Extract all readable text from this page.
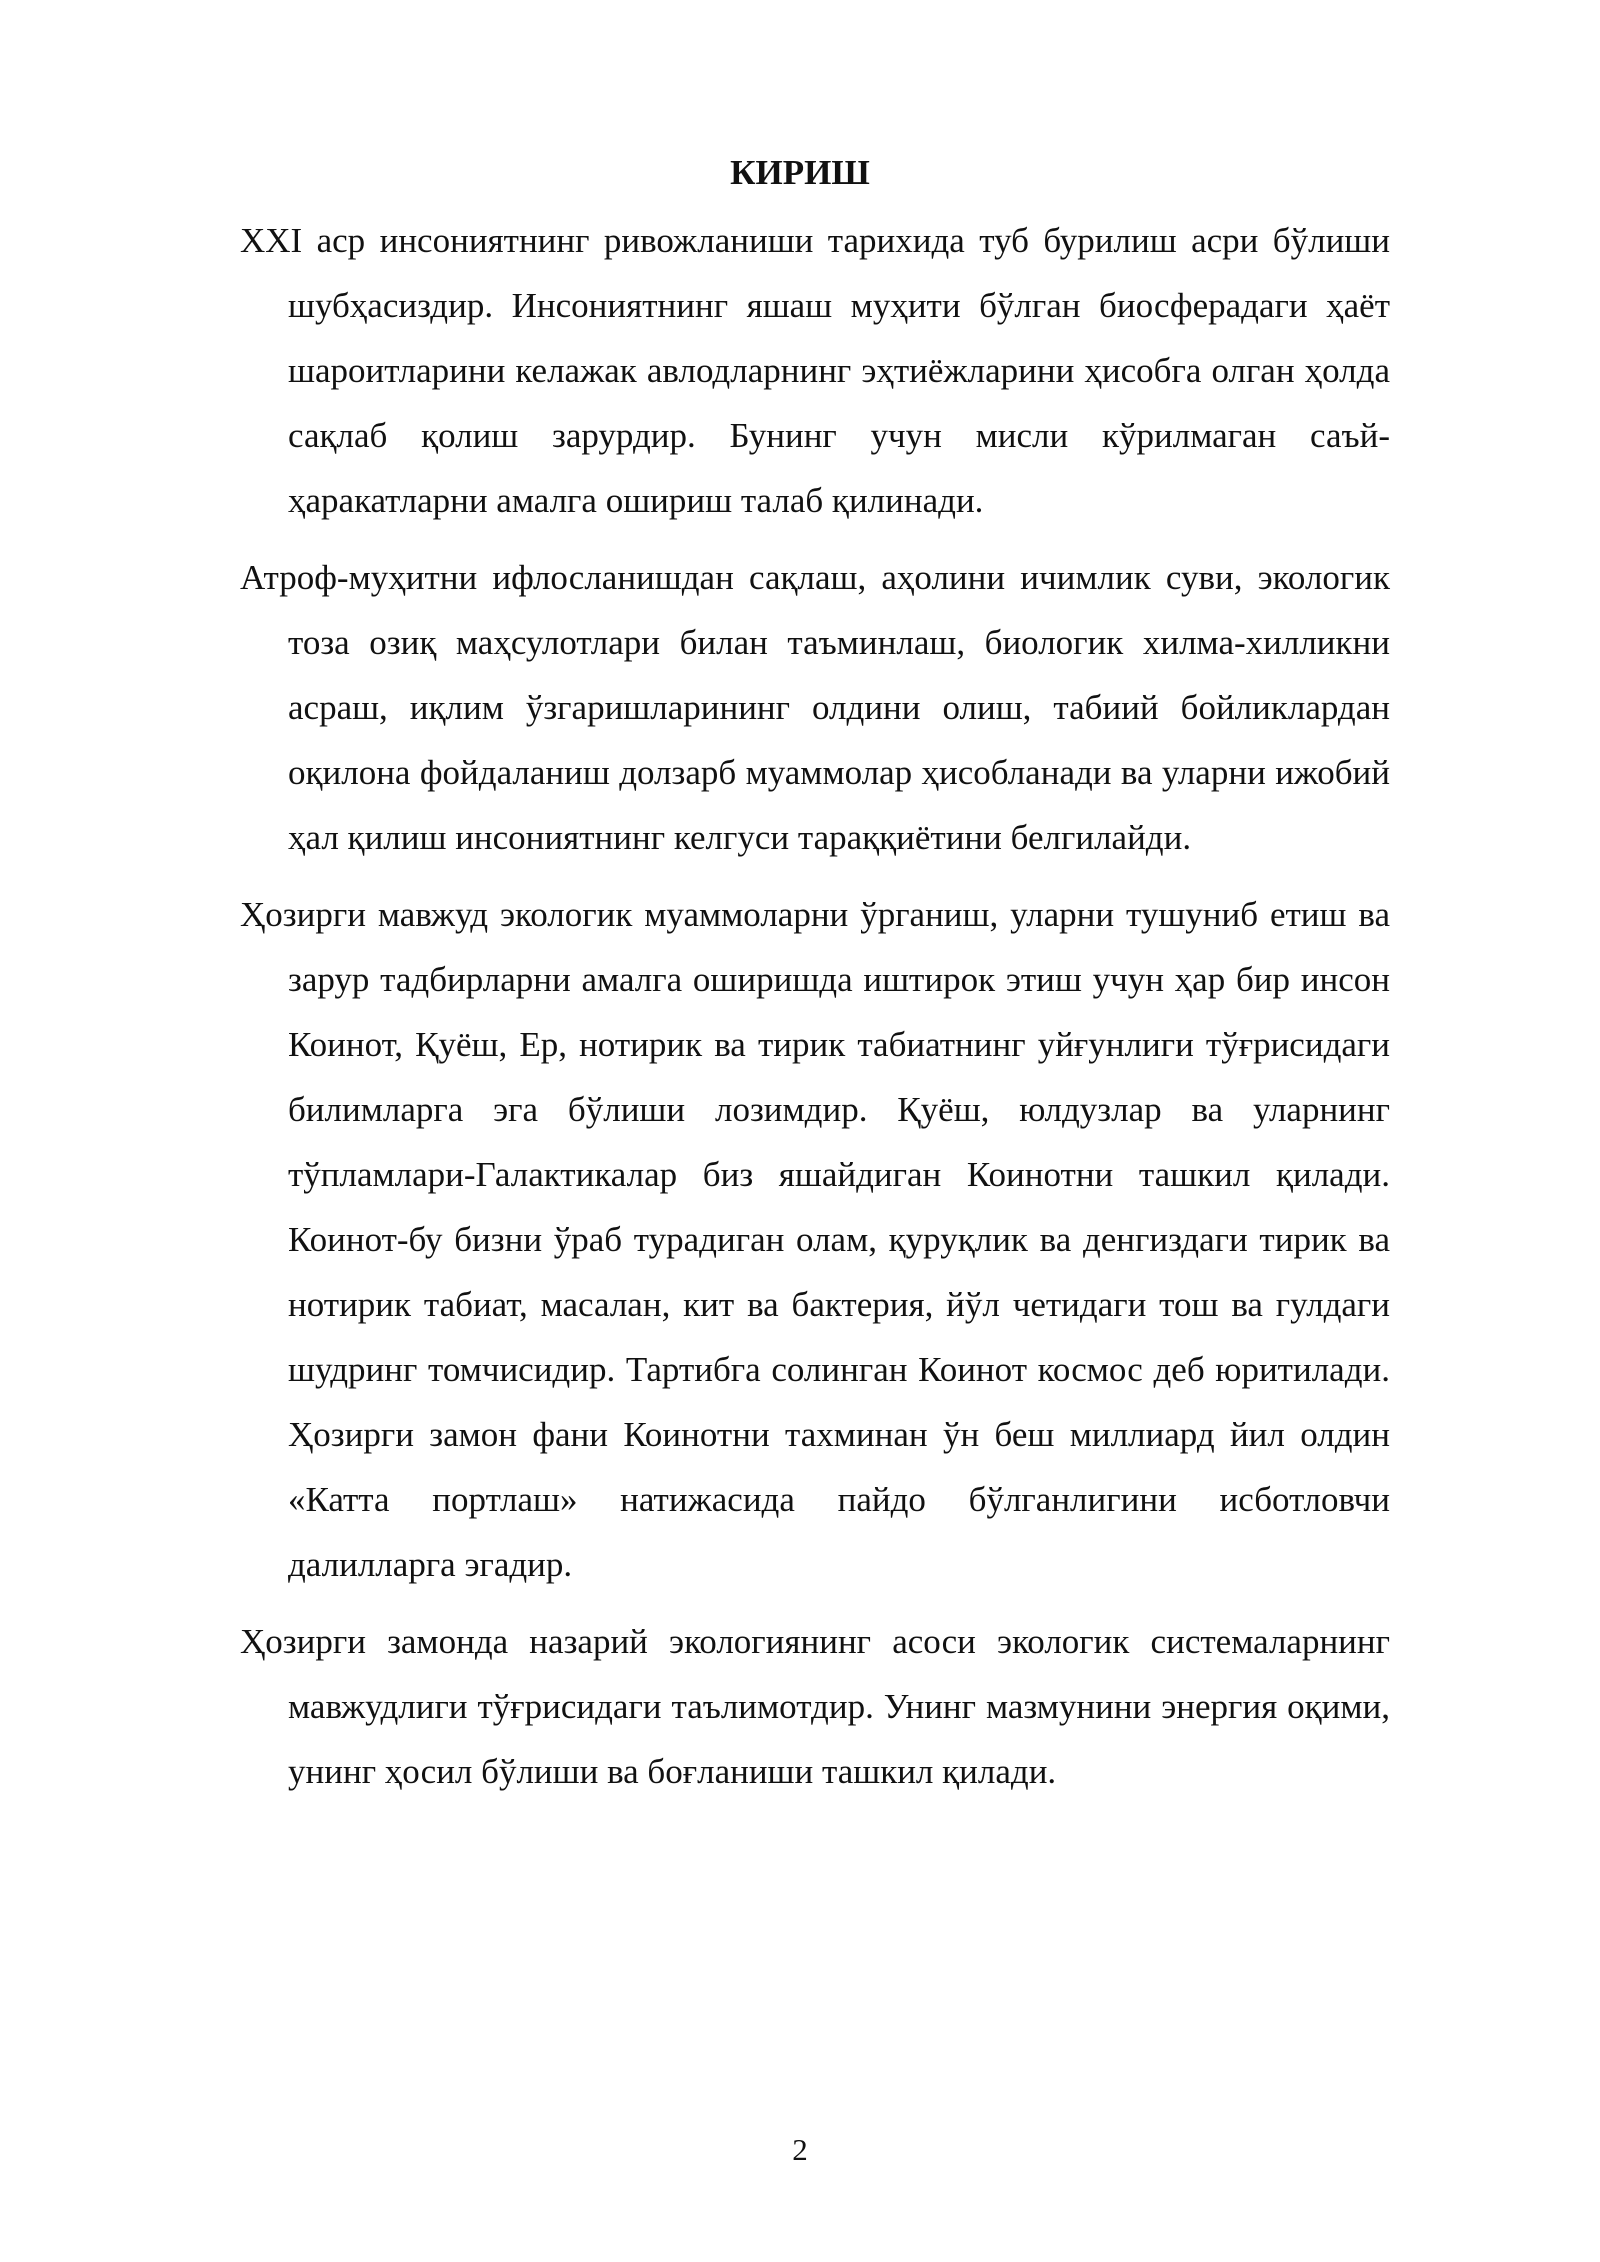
КИРИШ

XXI аср инсониятнинг ривожланиши тарихида туб бурилиш асри бўлиши шубҳасиздир. Инсониятнинг яшаш муҳити бўлган биосферадаги ҳаёт шароитларини келажак авлодларнинг эҳтиёжларини ҳисобга олган ҳолда сақлаб қолиш зарурдир. Бунинг учун мисли кўрилмаган саъй-ҳаракатларни амалга ошириш талаб қилинади.

Атроф-муҳитни ифлосланишдан сақлаш, аҳолини ичимлик суви, экологик тоза озиқ маҳсулотлари билан таъминлаш, биологик хилма-хилликни асраш, иқлим ўзгаришларининг олдини олиш, табиий бойликлардан оқилона фойдаланиш долзарб муаммолар ҳисобланади ва уларни ижобий ҳал қилиш инсониятнинг келгуси тараққиётини белгилайди.

Ҳозирги мавжуд экологик муаммоларни ўрганиш, уларни тушуниб етиш ва зарур тадбирларни амалга оширишда иштирок этиш учун ҳар бир инсон Коинот, Қуёш, Ер, нотирик ва тирик табиатнинг уйғунлиги тўғрисидаги билимларга эга бўлиши лозимдир. Қуёш, юлдузлар ва уларнинг тўпламлари-Галактикалар биз яшайдиган Коинотни ташкил қилади. Коинот-бу бизни ўраб турадиган олам, қуруқлик ва денгиздаги тирик ва нотирик табиат, масалан, кит ва бактерия, йўл четидаги тош ва гулдаги шудринг томчисидир. Тартибга солинган Коинот космос деб юритилади. Ҳозирги замон фани Коинотни тахминан ўн беш миллиард йил олдин «Катта портлаш» натижасида пайдо бўлганлигини исботловчи далилларга эгадир.

Ҳозирги замонда назарий экологиянинг асоси экологик системаларнинг мавжудлиги тўғрисидаги таълимотдир. Унинг мазмунини энергия оқими, унинг ҳосил бўлиши ва боғланиши ташкил қилади.

2
